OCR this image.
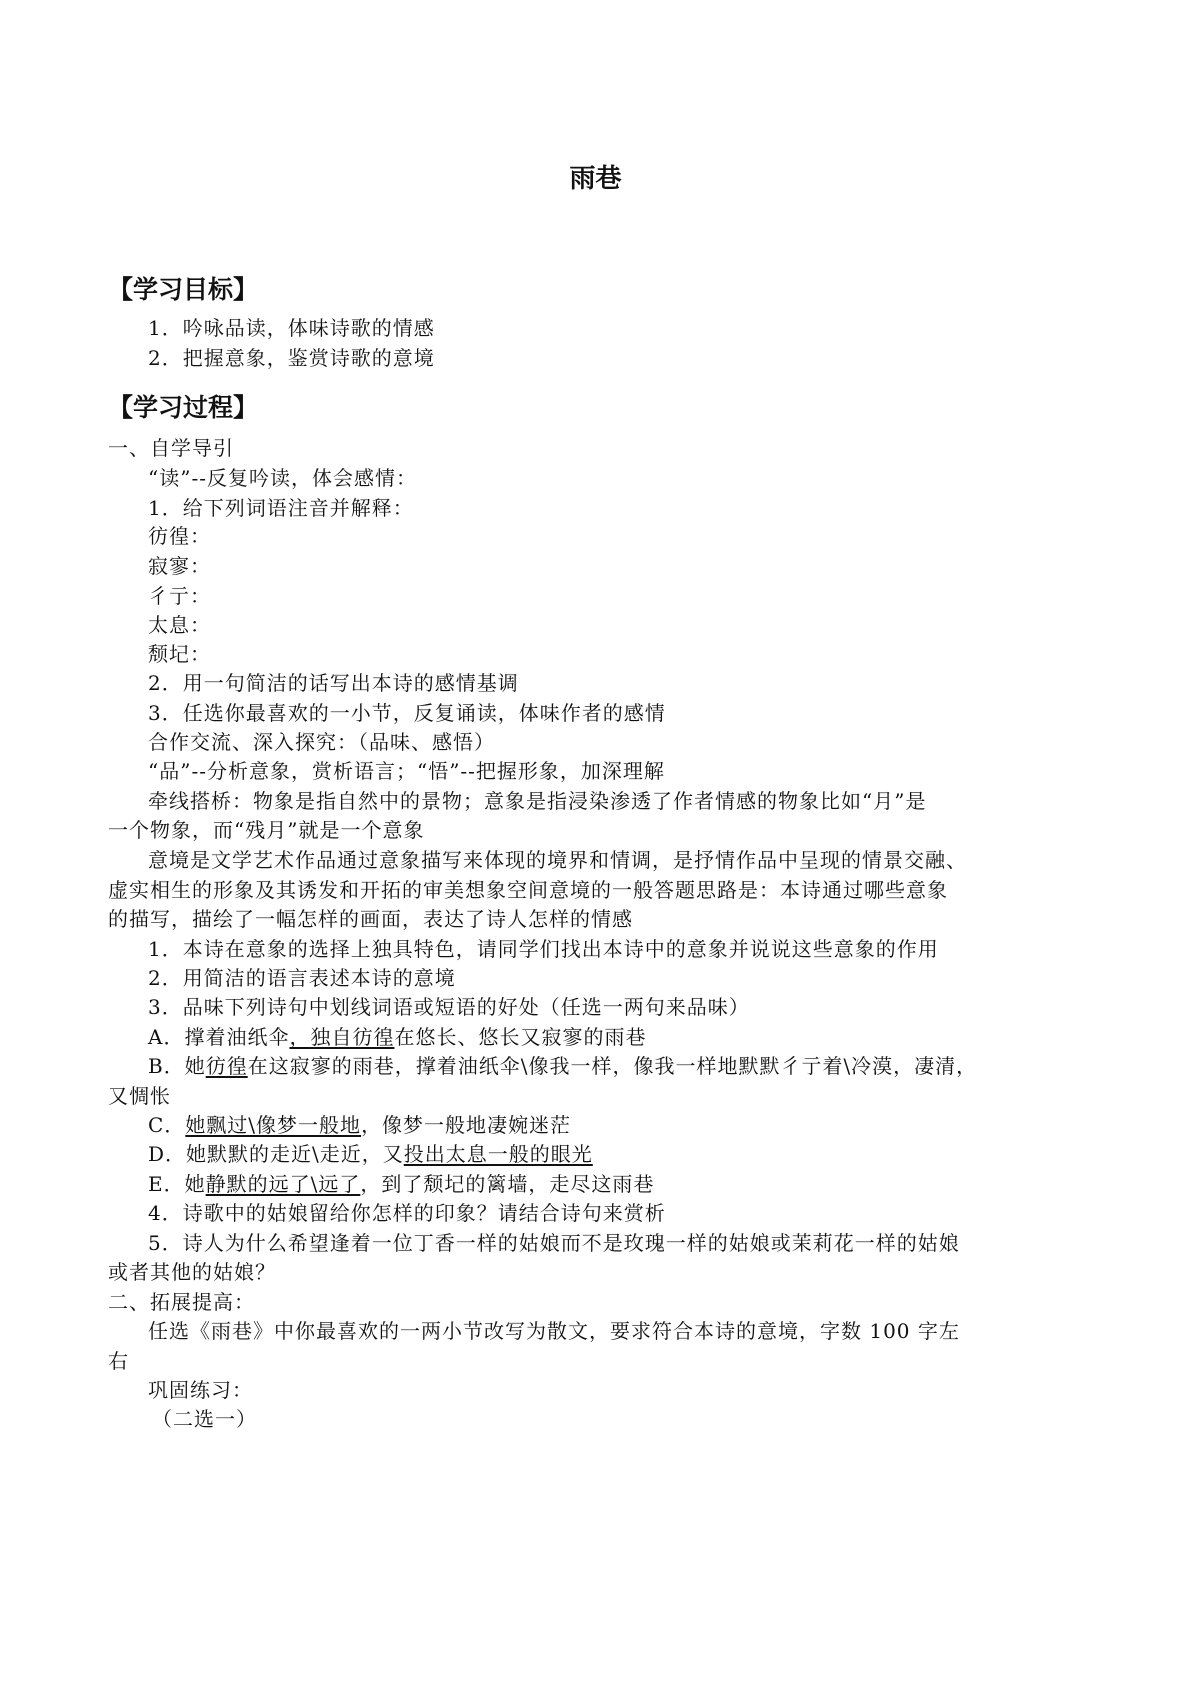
雨巷
【学习目标】
1．吟咏品读，体味诗歌的情感
2．把握意象，鉴赏诗歌的意境
【学习过程】
一、自学导引
“读”--反复吟读，体会感情：
1．给下列词语注音并解释：
彷徨：
寂寥：
彳亍：
太息：
颓圮：
2．用一句简洁的话写出本诗的感情基调
3．任选你最喜欢的一小节，反复诵读，体味作者的感情
合作交流、深入探究：（品味、感悟）
“品”--分析意象，赏析语言；“悟”--把握形象，加深理解
牵线搭桥：物象是指自然中的景物；意象是指浸染渗透了作者情感的物象比如“月”是
一个物象，而“残月”就是一个意象
意境是文学艺术作品通过意象描写来体现的境界和情调，是抒情作品中呈现的情景交融、
虚实相生的形象及其诱发和开拓的审美想象空间意境的一般答题思路是：本诗通过哪些意象
的描写，描绘了一幅怎样的画面，表达了诗人怎样的情感
1．本诗在意象的选择上独具特色，请同学们找出本诗中的意象并说说这些意象的作用
2．用简洁的语言表述本诗的意境
3．品味下列诗句中划线词语或短语的好处（任选一两句来品味）
A．撑着油纸伞，独自彷徨在悠长、悠长又寂寥的雨巷
B．她彷徨在这寂寥的雨巷，撑着油纸伞\像我一样，像我一样地默默彳亍着\冷漠，凄清，
又惆怅
C．她飘过\像梦一般地，像梦一般地凄婉迷茫
D．她默默的走近\走近，又投出太息一般的眼光
E．她静默的远了\远了，到了颓圮的篱墙，走尽这雨巷
4．诗歌中的姑娘留给你怎样的印象？请结合诗句来赏析
5．诗人为什么希望逢着一位丁香一样的姑娘而不是玫瑰一样的姑娘或茉莉花一样的姑娘
或者其他的姑娘？
二、拓展提高：
任选《雨巷》中你最喜欢的一两小节改写为散文，要求符合本诗的意境，字数 100 字左
右
巩固练习：
（二选一）
